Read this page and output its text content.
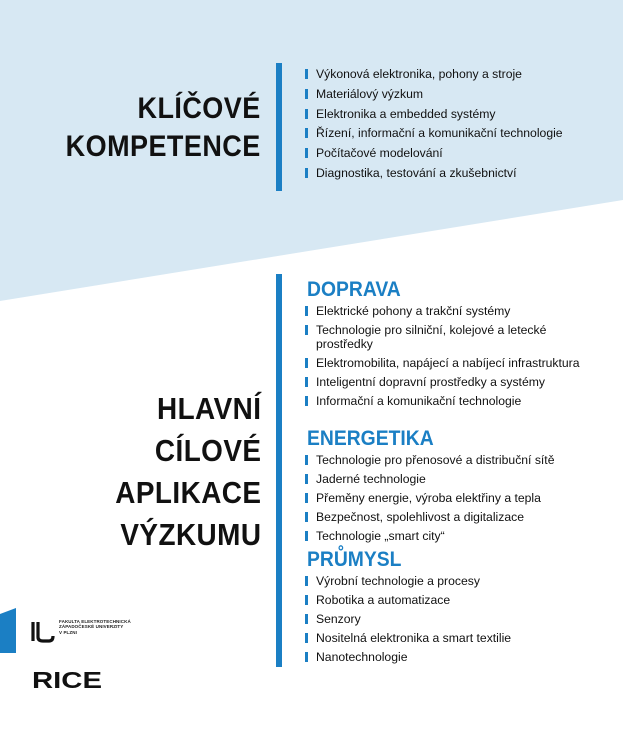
KLÍČOVÉ
KOMPETENCE
Výkonová elektronika, pohony a stroje
Materiálový výzkum
Elektronika a embedded systémy
Řízení, informační a komunikační technologie
Počítačové modelování
Diagnostika, testování a zkušebnictví
HLAVNÍ
CÍLOVÉ
APLIKACE
VÝZKUMU
DOPRAVA
Elektrické pohony a trakční systémy
Technologie pro silniční, kolejové a letecké prostředky
Elektromobilita, napájecí a nabíjecí infrastruktura
Inteligentní dopravní prostředky a systémy
Informační a komunikační technologie
ENERGETIKA
Technologie pro přenosové a distribuční sítě
Jaderné technologie
Přeměny energie, výroba elektřiny a tepla
Bezpečnost, spolehlivost a digitalizace
Technologie „smart city“
PRŮMYSL
Výrobní technologie a procesy
Robotika a automatizace
Senzory
Nositelná elektronika a smart textilie
Nanotechnologie
FAKULTA ELEKTROTECHNICKÁ
ZÁPADOČESKÉ UNIVERZITY
V PLZNI
RICE
